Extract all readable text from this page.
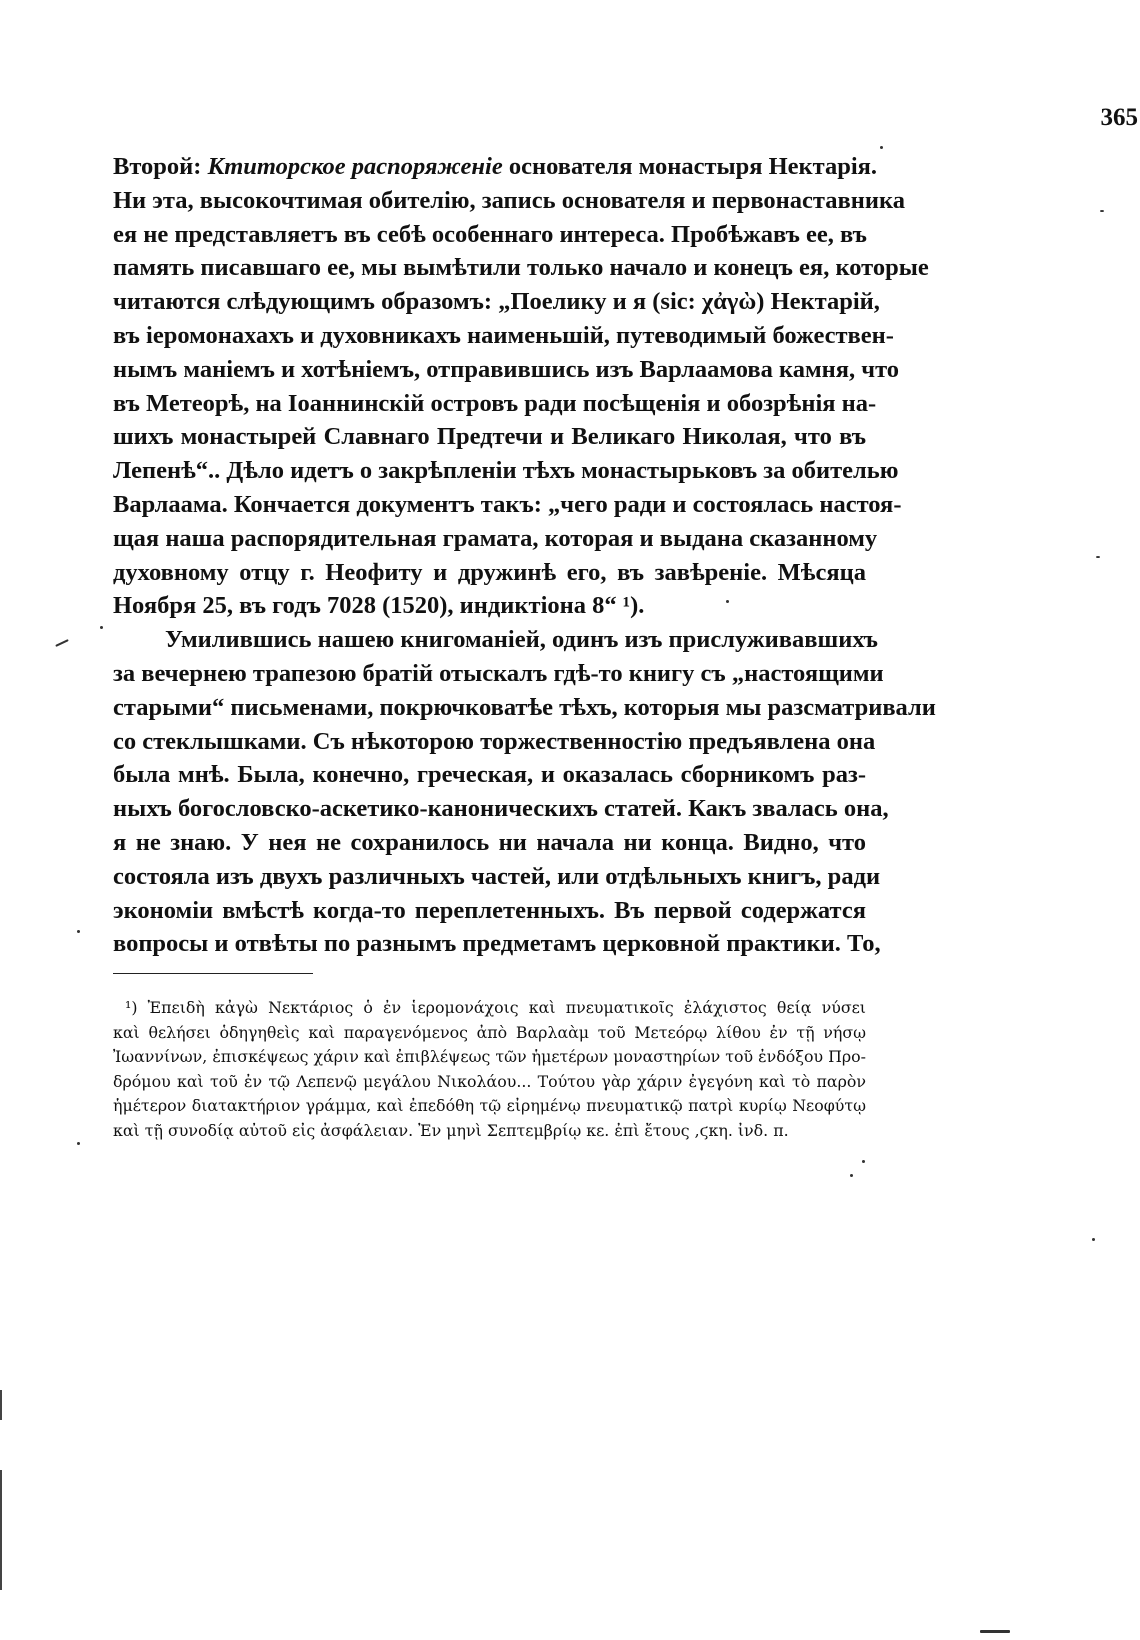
365
Второй: Ктиторское распоряженіе основателя монастыря Нектарія.
Ни эта, высокочтимая обителію, запись основателя и первонаставника
ея не представляетъ въ себѣ особеннаго интереса. Пробѣжавъ ее, въ
память писавшаго ее, мы вымѣтили только начало и конецъ ея, которые
читаются слѣдующимъ образомъ: „Поелику и я (sic: χἀγὼ) Нектарій,
въ іеромонахахъ и духовникахъ наименьшій, путеводимый божествен-
нымъ маніемъ и хотѣніемъ, отправившись изъ Варлаамова камня, что
въ Метеорѣ, на Іоаннинскій островъ ради посѣщенія и обозрѣнія на-
шихъ монастырей Славнаго Предтечи и Великаго Николая, что въ
Лепенѣ“.. Дѣло идетъ о закрѣпленіи тѣхъ монастырьковъ за обителью
Варлаама. Кончается документъ такъ: „чего ради и состоялась настоя-
щая наша распорядительная грамата, которая и выдана сказанному
духовному отцу г. Неофиту и дружинѣ его, въ завѣреніе. Мѣсяца
Ноября 25, въ годъ 7028 (1520), индиктіона 8“ ¹).
Умилившись нашею книгоманіей, одинъ изъ прислуживавшихъ
за вечернею трапезою братій отыскалъ гдѣ-то книгу съ „настоящими
старыми“ письменами, покрючковатѣе тѣхъ, которыя мы разсматривали
со стеклышками. Съ нѣкоторою торжественностію предъявлена она
была мнѣ. Была, конечно, греческая, и оказалась сборникомъ раз-
ныхъ богословско-аскетико-каноническихъ статей. Какъ звалась она,
я не знаю. У нея не сохранилось ни начала ни конца. Видно, что
состояла изъ двухъ различныхъ частей, или отдѣльныхъ книгъ, ради
экономіи вмѣстѣ когда-то переплетенныхъ. Въ первой содержатся
вопросы и отвѣты по разнымъ предметамъ церковной практики. То,
¹) Ἐπειδὴ κἀγὼ Νεκτάριος ὁ ἐν ἱερομονάχοις καὶ πνευματικοῖς ἐλάχιστος θείᾳ νύσει
καὶ θελήσει ὁδηγηθεὶς καὶ παραγενόμενος ἀπὸ Βαρλαὰμ τοῦ Μετεόρῳ λίθου ἐν τῇ νήσῳ
Ἰωαννίνων, ἐπισκέψεως χάριν καὶ ἐπιβλέψεως τῶν ἡμετέρων μοναστηρίων τοῦ ἐνδόξου Προ-
δρόμου καὶ τοῦ ἐν τῷ Λεπενῷ μεγάλου Νικολάου... Τούτου γὰρ χάριν ἐγεγόνη καὶ τὸ παρὸν
ἡμέτερον διατακτήριον γράμμα, καὶ ἐπεδόθη τῷ εἰρημένῳ πνευματικῷ πατρὶ κυρίῳ Νεοφύτῳ
καὶ τῇ συνοδίᾳ αὐτοῦ εἰς ἀσφάλειαν. Ἐν μηνὶ Σεπτεμβρίῳ κε. ἐπὶ ἔτους ,ϛκη. ἰνδ. π.
